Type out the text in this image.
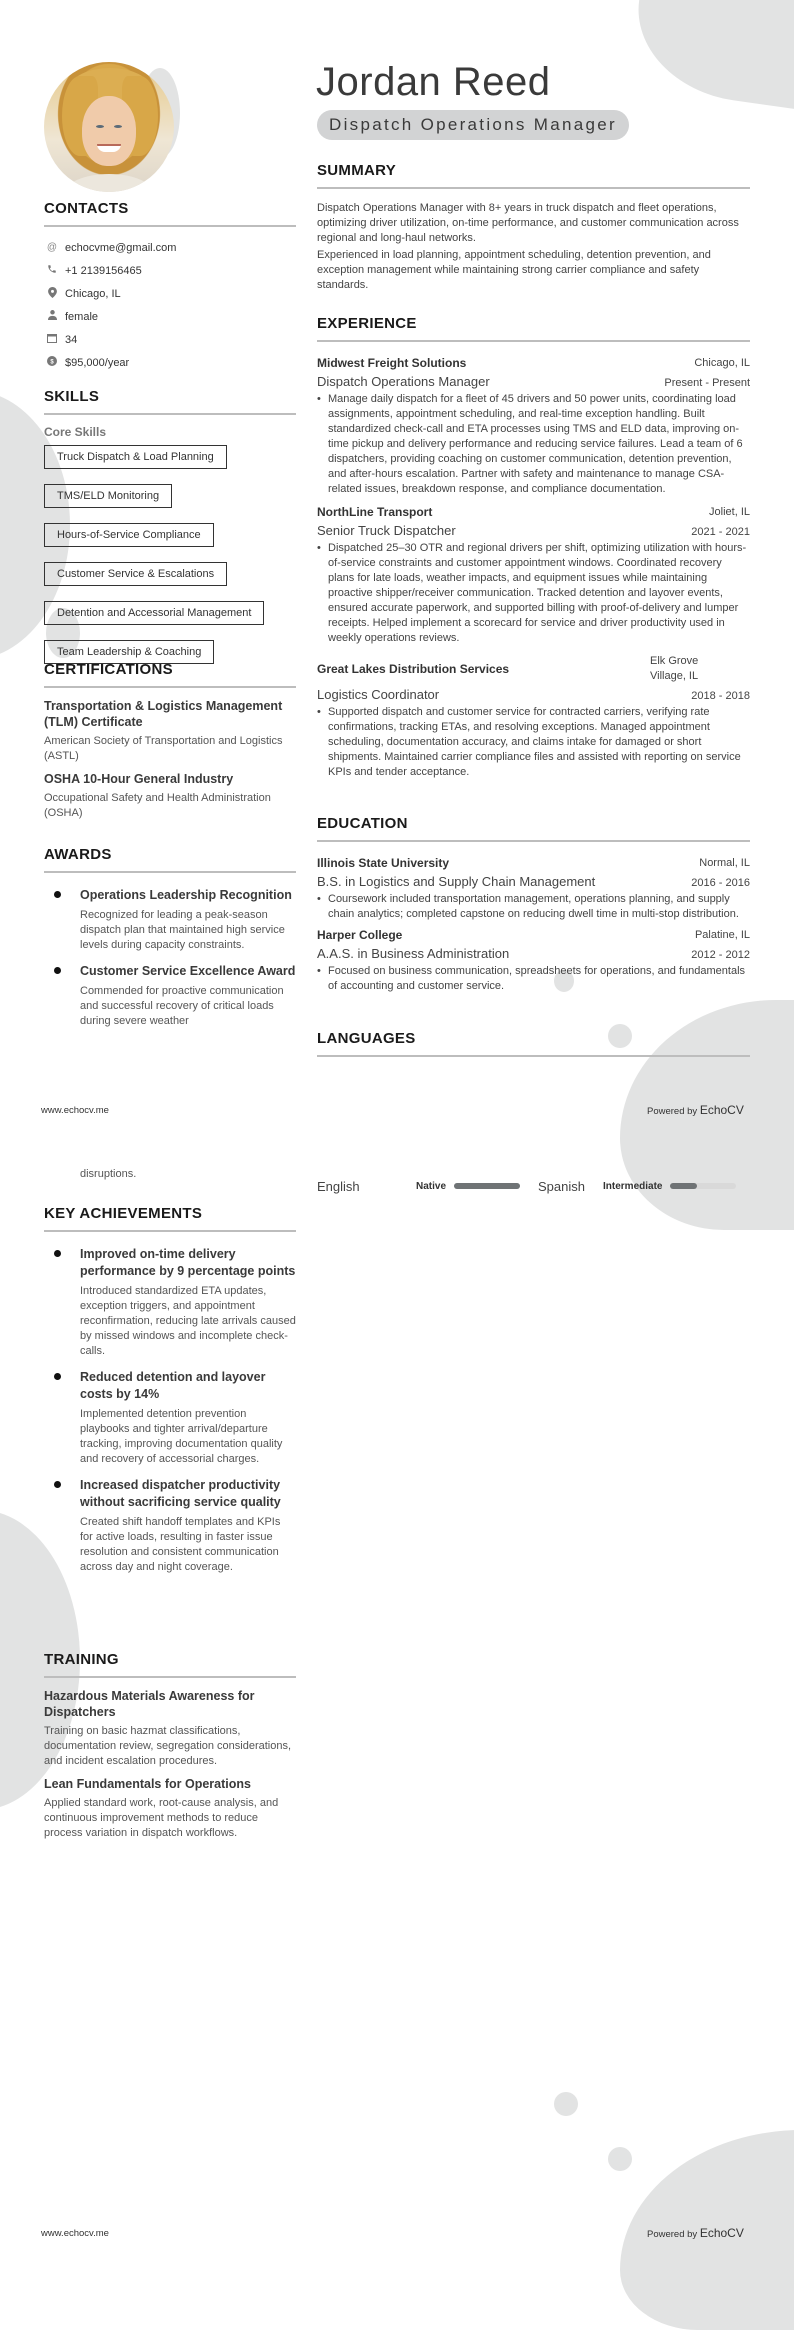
Jordan Reed
Dispatch Operations Manager
CONTACTS
@ echocvme@gmail.com
+1 2139156465
Chicago, IL
female
34
$ $95,000/year
SKILLS
Core Skills
Truck Dispatch & Load Planning
TMS/ELD Monitoring
Hours-of-Service Compliance
Customer Service & Escalations
Detention and Accessorial Management
Team Leadership & Coaching
CERTIFICATIONS
Transportation & Logistics Management (TLM) Certificate
American Society of Transportation and Logistics (ASTL)
OSHA 10-Hour General Industry
Occupational Safety and Health Administration (OSHA)
AWARDS
Operations Leadership Recognition
Recognized for leading a peak-season dispatch plan that maintained high service levels during capacity constraints.
Customer Service Excellence Award
Commended for proactive communication and successful recovery of critical loads during severe weather
SUMMARY

Dispatch Operations Manager with 8+ years in truck dispatch and fleet operations, optimizing driver utilization, on-time performance, and customer communication across regional and long-haul networks.

Experienced in load planning, appointment scheduling, detention prevention, and exception management while maintaining strong carrier compliance and safety standards.

EXPERIENCE
Midwest Freight Solutions	Chicago, IL
Dispatch Operations Manager	Present - Present
• Manage daily dispatch for a fleet of 45 drivers and 50 power units, coordinating load assignments, appointment scheduling, and real-time exception handling. Built standardized check-call and ETA processes using TMS and ELD data, improving on-time pickup and delivery performance and reducing service failures. Lead a team of 6 dispatchers, providing coaching on customer communication, detention prevention, and after-hours escalation. Partner with safety and maintenance to manage CSA-related issues, breakdown response, and compliance documentation.
NorthLine Transport	Joliet, IL
Senior Truck Dispatcher	2021 - 2021
• Dispatched 25–30 OTR and regional drivers per shift, optimizing utilization with hours-of-service constraints and customer appointment windows. Coordinated recovery plans for late loads, weather impacts, and equipment issues while maintaining proactive shipper/receiver communication. Tracked detention and layover events, ensured accurate paperwork, and supported billing with proof-of-delivery and lumper receipts. Helped implement a scorecard for service and driver productivity used in weekly operations reviews.
Great Lakes Distribution Services
Elk Grove Village, IL
Logistics Coordinator	2018 - 2018
• Supported dispatch and customer service for contracted carriers, verifying rate confirmations, tracking ETAs, and resolving exceptions. Managed appointment scheduling, documentation accuracy, and claims intake for damaged or short shipments. Maintained carrier compliance files and assisted with reporting on service KPIs and tender acceptance.
EDUCATION
Illinois State University	Normal, IL
B.S. in Logistics and Supply Chain Management	2016 - 2016
• Coursework included transportation management, operations planning, and supply chain analytics; completed capstone on reducing dwell time in multi-stop distribution.
Harper College	Palatine, IL
A.A.S. in Business Administration	2012 - 2012
• Focused on business communication, spreadsheets for operations, and fundamentals of accounting and customer service.
LANGUAGES
www.echocv.me	Powered by EchoCV
disruptions.
English	Native	Spanish	Intermediate
KEY ACHIEVEMENTS
Improved on-time delivery performance by 9 percentage points
Introduced standardized ETA updates, exception triggers, and appointment reconfirmation, reducing late arrivals caused by missed windows and incomplete check-calls.
Reduced detention and layover costs by 14%
Implemented detention prevention playbooks and tighter arrival/departure tracking, improving documentation quality and recovery of accessorial charges.
Increased dispatcher productivity without sacrificing service quality
Created shift handoff templates and KPIs for active loads, resulting in faster issue resolution and consistent communication across day and night coverage.
TRAINING
Hazardous Materials Awareness for Dispatchers
Training on basic hazmat classifications, documentation review, segregation considerations, and incident escalation procedures.
Lean Fundamentals for Operations
Applied standard work, root-cause analysis, and continuous improvement methods to reduce process variation in dispatch workflows.
www.echocv.me	Powered by EchoCV
